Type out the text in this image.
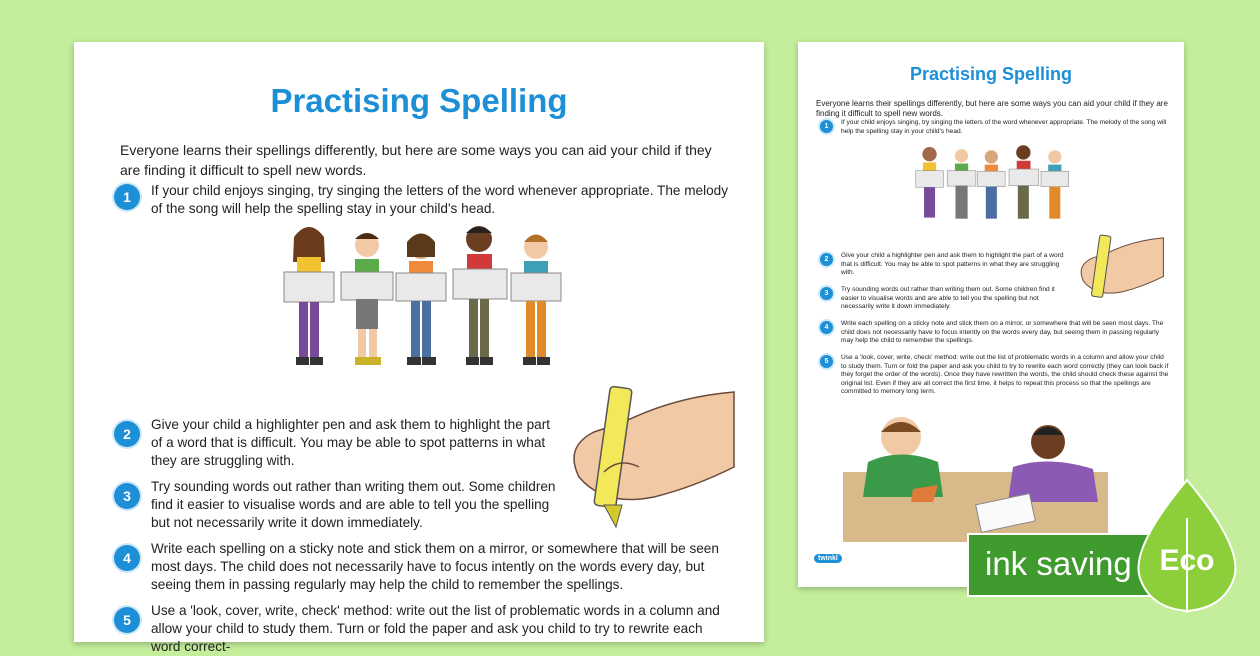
Practising Spelling

Everyone learns their spellings differently, but here are some ways you can aid your child if they are finding it difficult to spell new words.

1	If your child enjoys singing, try singing the letters of the word whenever appropriate. The melody of the song will help the spelling stay in your child's head.
2
Give your child a highlighter pen and ask them to highlight the part of a word that is difficult. You may be able to spot patterns in what they are struggling with.
3
Try sounding words out rather than writing them out. Some children find it easier to visualise words and are able to tell you the spelling but not necessarily write it down immediately.
4
Write each spelling on a sticky note and stick them on a mirror, or somewhere that will be seen most days. The child does not necessarily have to focus intently on the words every day, but seeing them in passing regularly may help the child to remember the spellings.
5
Use a 'look, cover, write, check' method: write out the list of problematic words in a column and allow your child to study them. Turn or fold the paper and ask you child to try to rewrite each word correct-
Practising Spelling

Everyone learns their spellings differently, but here are some ways you can aid your child if they are finding it difficult to spell new words.

1
If your child enjoys singing, try singing the letters of the word whenever appropriate. The melody of the song will help the spelling stay in your child's head.
2
Give your child a highlighter pen and ask them to highlight the part of a word that is difficult. You may be able to spot patterns in what they are struggling with.
3
Try sounding words out rather than writing them out. Some children find it easier to visualise words and are able to tell you the spelling but not necessarily write it down immediately.
4
Write each spelling on a sticky note and stick them on a mirror, or somewhere that will be seen most days. The child does not necessarily have to focus intently on the words every day, but seeing them in passing regularly may help the child to remember the spellings.
5
Use a 'look, cover, write, check' method: write out the list of problematic words in a column and allow your child to study them. Turn or fold the paper and ask you child to try to rewrite each word correctly (they can look back if they forget the order of the words). Once they have rewritten the words, the child should check these against the original list. Even if they are all correct the first time, it helps to repeat this process so that the spellings are committed to memory long term.
twinkl	ink saving Eco
